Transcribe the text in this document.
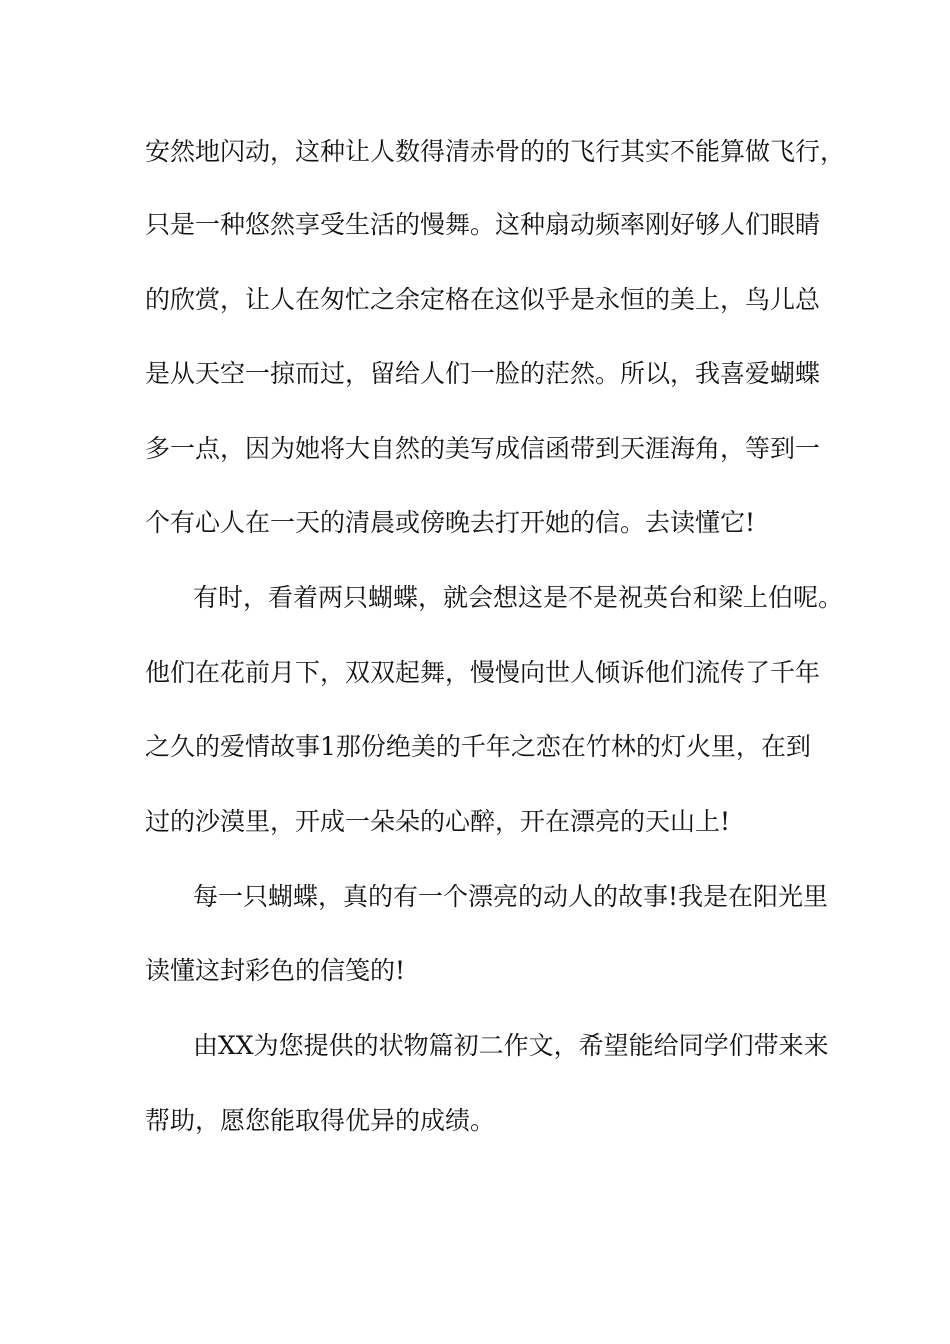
安然地闪动，这种让人数得清赤骨的的飞行其实不能算做飞行，
只是一种悠然享受生活的慢舞。这种扇动频率刚好够人们眼睛
的欣赏，让人在匆忙之余定格在这似乎是永恒的美上，鸟儿总
是从天空一掠而过，留给人们一脸的茫然。所以，我喜爱蝴蝶
多一点，因为她将大自然的美写成信函带到天涯海角，等到一
个有心人在一天的清晨或傍晚去打开她的信。去读懂它!
有时，看着两只蝴蝶，就会想这是不是祝英台和梁上伯呢。
他们在花前月下，双双起舞，慢慢向世人倾诉他们流传了千年
之久的爱情故事1那份绝美的千年之恋在竹林的灯火里，在到
过的沙漠里，开成一朵朵的心醉，开在漂亮的天山上!
每一只蝴蝶，真的有一个漂亮的动人的故事!我是在阳光里
读懂这封彩色的信笺的!
由XX为您提供的状物篇初二作文，希望能给同学们带来来
帮助，愿您能取得优异的成绩。
